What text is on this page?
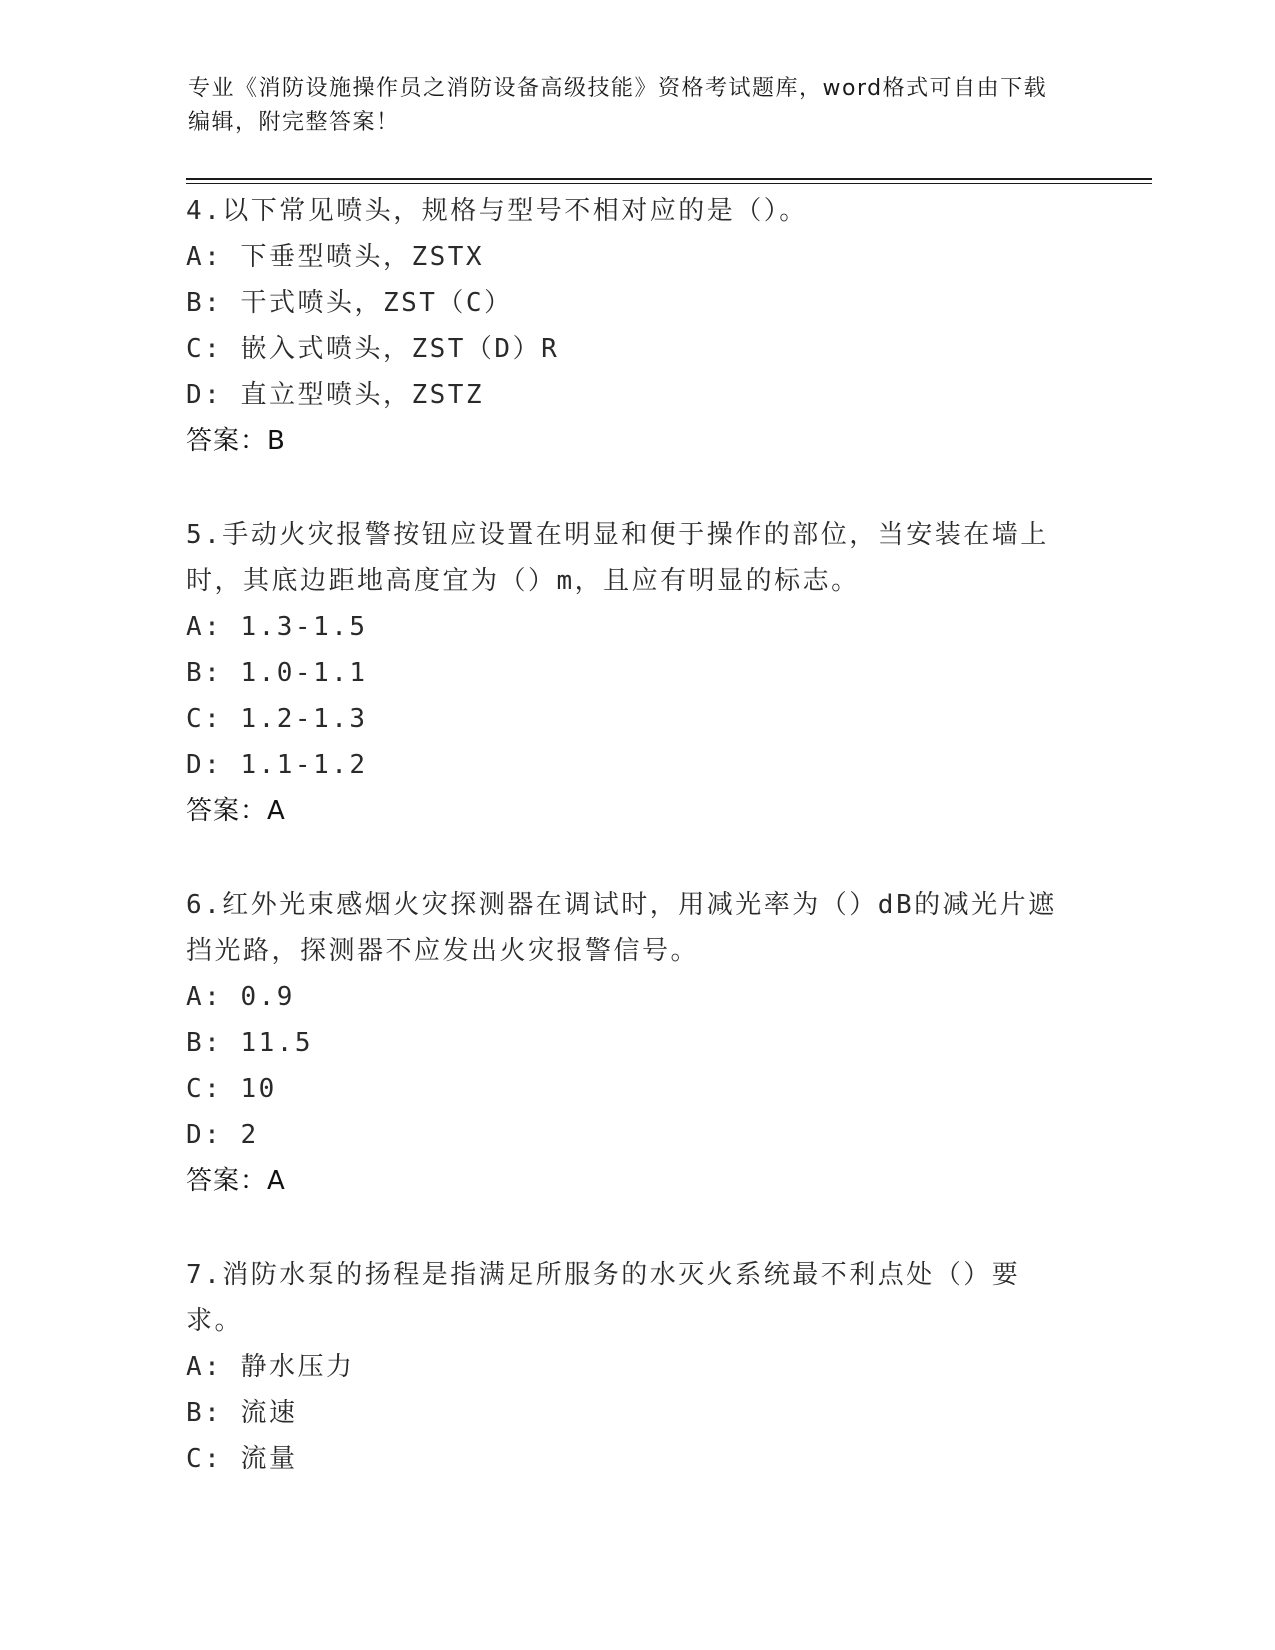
专业《消防设施操作员之消防设备高级技能》资格考试题库，word格式可自由下载编辑，附完整答案！
4.以下常见喷头，规格与型号不相对应的是（）。
A: 下垂型喷头，ZSTX
B: 干式喷头，ZST（C）
C: 嵌入式喷头，ZST（D）R
D: 直立型喷头，ZSTZ
答案：B
5.手动火灾报警按钮应设置在明显和便于操作的部位，当安装在墙上时，其底边距地高度宜为（）m，且应有明显的标志。
A: 1.3-1.5
B: 1.0-1.1
C: 1.2-1.3
D: 1.1-1.2
答案：A
6.红外光束感烟火灾探测器在调试时，用减光率为（）dB的减光片遮挡光路，探测器不应发出火灾报警信号。
A: 0.9
B: 11.5
C: 10
D: 2
答案：A
7.消防水泵的扬程是指满足所服务的水灭火系统最不利点处（）要求。
A: 静水压力
B: 流速
C: 流量
